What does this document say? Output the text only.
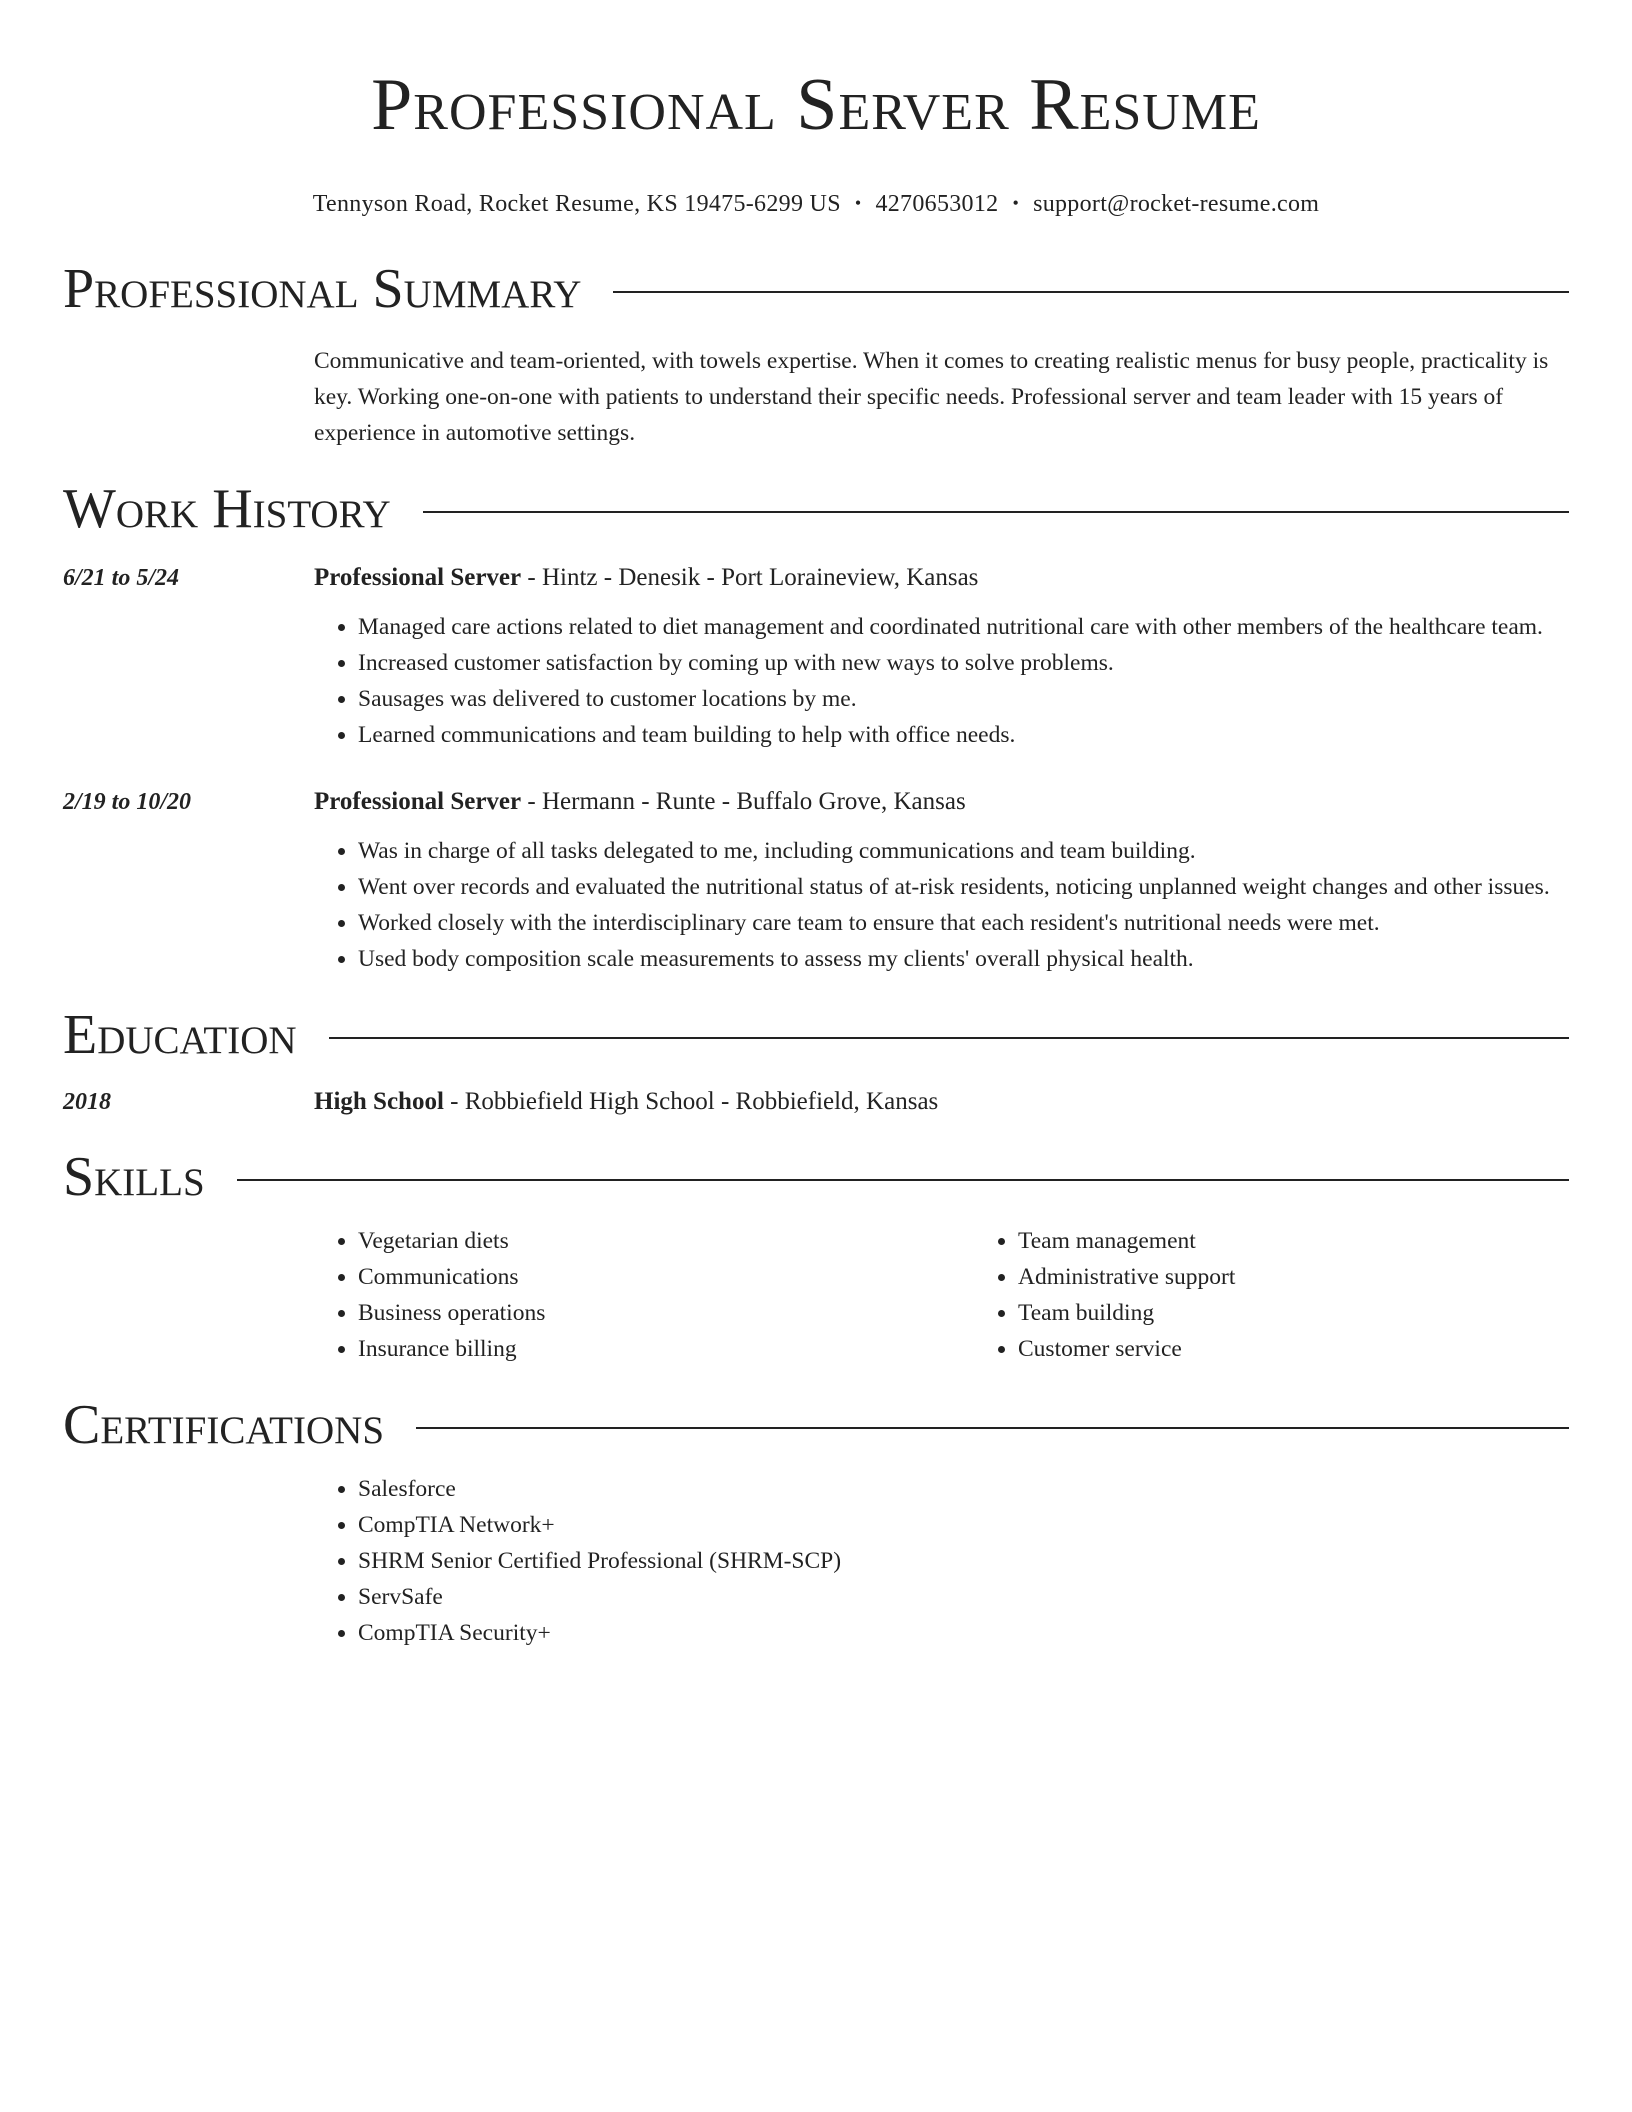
Professional Server Resume
Tennyson Road, Rocket Resume, KS 19475-6299 US • 4270653012 • support@rocket-resume.com
Professional Summary
Communicative and team-oriented, with towels expertise. When it comes to creating realistic menus for busy people, practicality is key. Working one-on-one with patients to understand their specific needs. Professional server and team leader with 15 years of experience in automotive settings.
Work History
6/21 to 5/24	Professional Server - Hintz - Denesik - Port Loraineview, Kansas
• Managed care actions related to diet management and coordinated nutritional care with other members of the healthcare team.
• Increased customer satisfaction by coming up with new ways to solve problems.
• Sausages was delivered to customer locations by me.
• Learned communications and team building to help with office needs.
2/19 to 10/20	Professional Server - Hermann - Runte - Buffalo Grove, Kansas
• Was in charge of all tasks delegated to me, including communications and team building.
• Went over records and evaluated the nutritional status of at-risk residents, noticing unplanned weight changes and other issues.
• Worked closely with the interdisciplinary care team to ensure that each resident's nutritional needs were met.
• Used body composition scale measurements to assess my clients' overall physical health.
Education
2018	High School - Robbiefield High School - Robbiefield, Kansas
Skills
• Vegetarian diets
• Communications
• Business operations
• Insurance billing
• Team management
• Administrative support
• Team building
• Customer service
Certifications
• Salesforce
• CompTIA Network+
• SHRM Senior Certified Professional (SHRM-SCP)
• ServSafe
• CompTIA Security+
